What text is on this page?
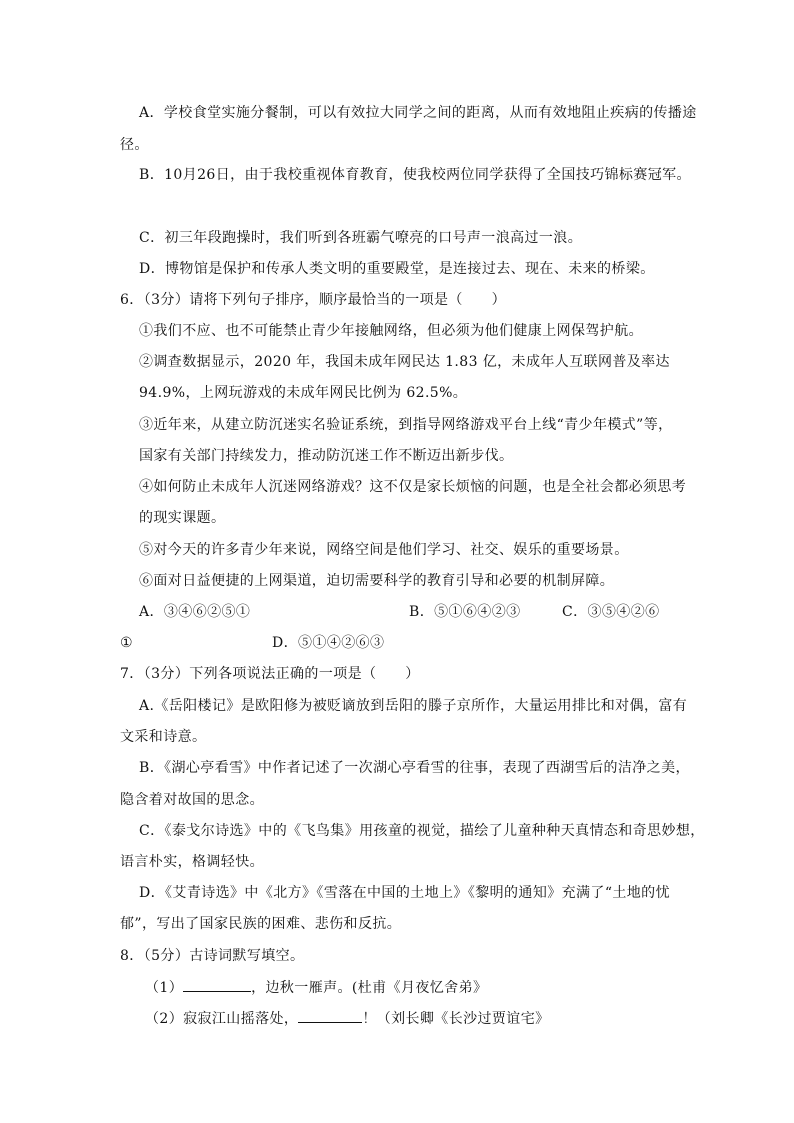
A．学校食堂实施分餐制，可以有效拉大同学之间的距离，从而有效地阻止疾病的传播途
径。
B．10月26日，由于我校重视体育教育，使我校两位同学获得了全国技巧锦标赛冠军。
C．初三年段跑操时，我们听到各班霸气嘹亮的口号声一浪高过一浪。
D．博物馆是保护和传承人类文明的重要殿堂，是连接过去、现在、未来的桥梁。
6．（3分）请将下列句子排序，顺序最恰当的一项是（　　）
①我们不应、也不可能禁止青少年接触网络，但必须为他们健康上网保驾护航。
②调查数据显示，2020 年，我国未成年网民达 1.83 亿，未成年人互联网普及率达
94.9%，上网玩游戏的未成年网民比例为 62.5%。
③近年来，从建立防沉迷实名验证系统，到指导网络游戏平台上线“青少年模式”等，
国家有关部门持续发力，推动防沉迷工作不断迈出新步伐。
④如何防止未成年人沉迷网络游戏？这不仅是家长烦恼的问题，也是全社会都必须思考
的现实课题。
⑤对今天的许多青少年来说，网络空间是他们学习、社交、娱乐的重要场景。
⑥面对日益便捷的上网渠道，迫切需要科学的教育引导和必要的机制屏障。
A．③④⑥②⑤①	B．⑤①⑥④②③	C．③⑤④②⑥
①	D．⑤①④②⑥③
7．（3分）下列各项说法正确的一项是（　　）
A.《岳阳楼记》是欧阳修为被贬谪放到岳阳的滕子京所作，大量运用排比和对偶，富有
文采和诗意。
B．《湖心亭看雪》中作者记述了一次湖心亭看雪的往事，表现了西湖雪后的洁净之美，
隐含着对故国的思念。
C．《泰戈尔诗选》中的《飞鸟集》用孩童的视觉，描绘了儿童种种天真情态和奇思妙想，
语言朴实，格调轻快。
D．《艾青诗选》中《北方》《雪落在中国的土地上》《黎明的通知》充满了“土地的忧
郁”，写出了国家民族的困难、悲伤和反抗。
8．（5分）古诗词默写填空。
（1）	，边秋一雁声。(杜甫《月夜忆舍弟》
（2）寂寂江山摇落处，	！（刘长卿《长沙过贾谊宅》
